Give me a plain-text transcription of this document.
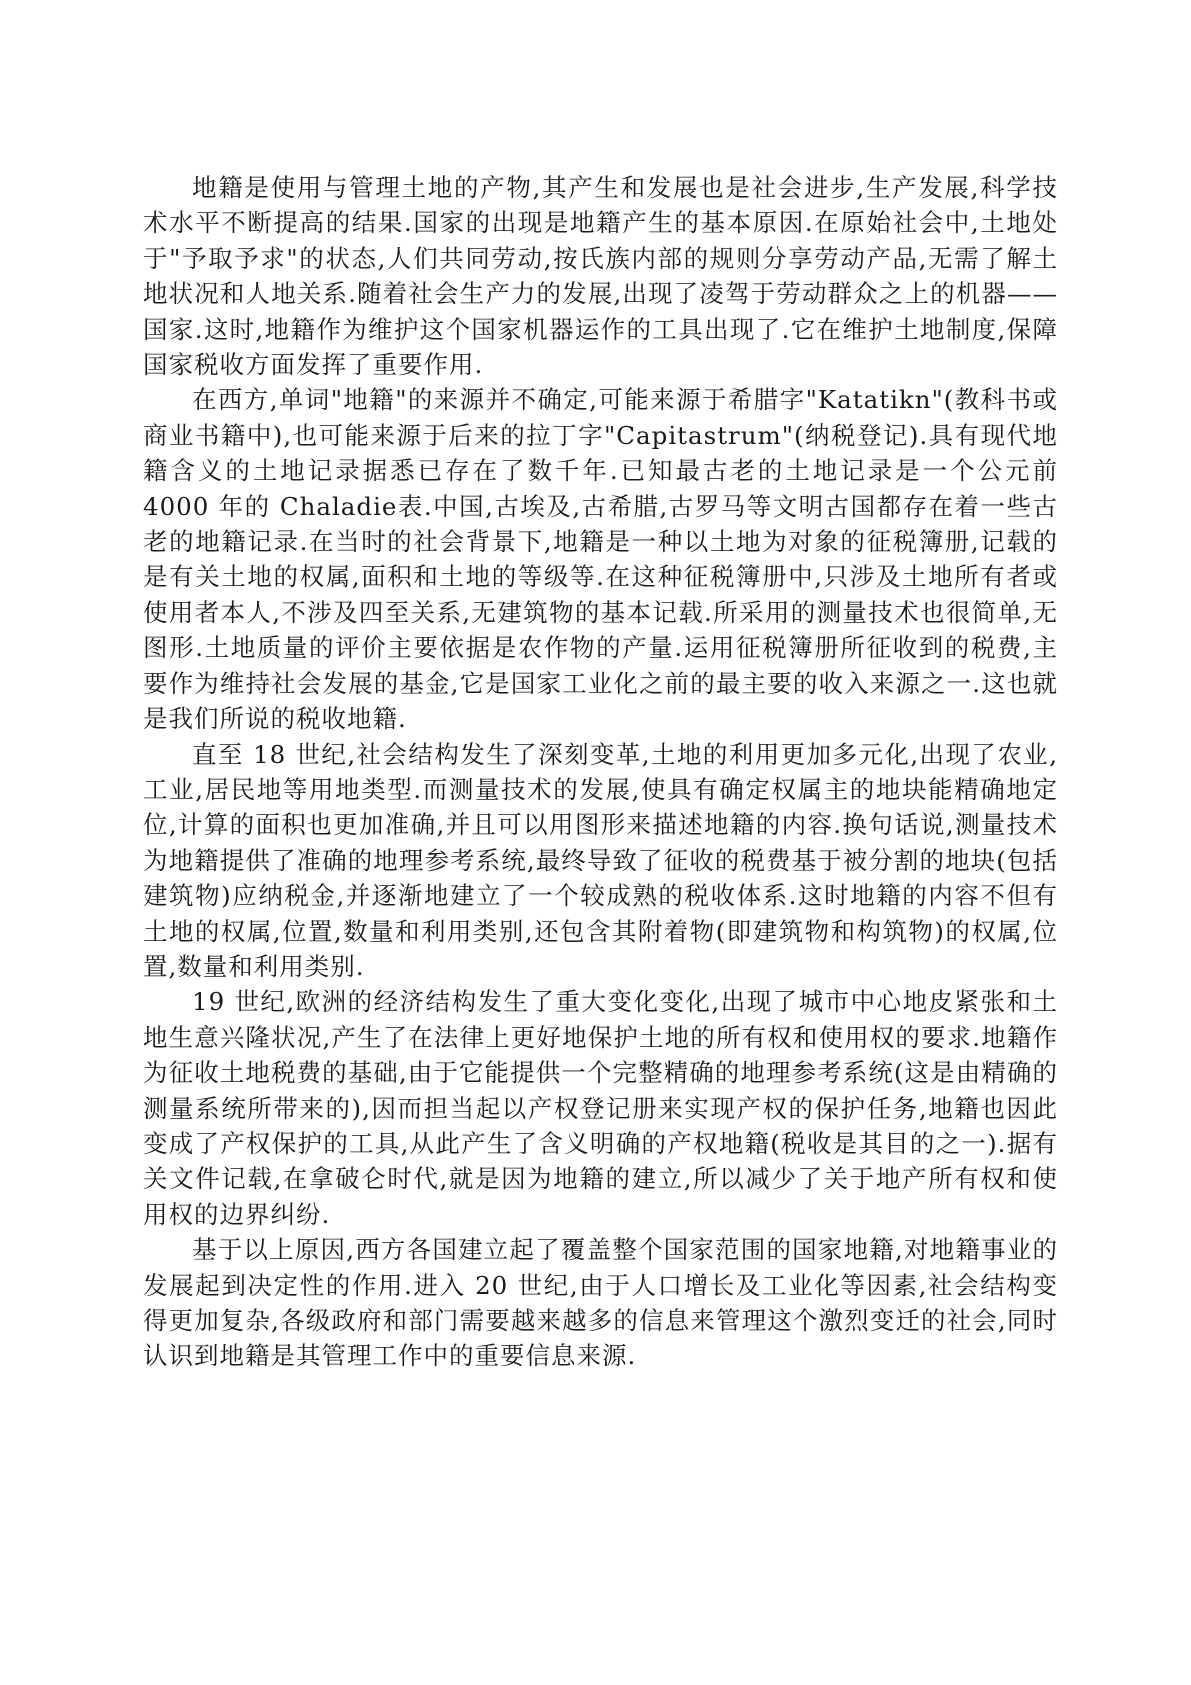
地籍是使用与管理土地的产物,其产生和发展也是社会进步,生产发展,科学技术水平不断提高的结果.国家的出现是地籍产生的基本原因.在原始社会中,土地处于"予取予求"的状态,人们共同劳动,按氏族内部的规则分享劳动产品,无需了解土地状况和人地关系.随着社会生产力的发展,出现了凌驾于劳动群众之上的机器——国家.这时,地籍作为维护这个国家机器运作的工具出现了.它在维护土地制度,保障国家税收方面发挥了重要作用.

在西方,单词"地籍"的来源并不确定,可能来源于希腊字"Katatikn"(教科书或商业书籍中),也可能来源于后来的拉丁字"Capitastrum"(纳税登记).具有现代地籍含义的土地记录据悉已存在了数千年.已知最古老的土地记录是一个公元前 4000 年的 Chaladie表.中国,古埃及,古希腊,古罗马等文明古国都存在着一些古老的地籍记录.在当时的社会背景下,地籍是一种以土地为对象的征税簿册,记载的是有关土地的权属,面积和土地的等级等.在这种征税簿册中,只涉及土地所有者或使用者本人,不涉及四至关系,无建筑物的基本记载.所采用的测量技术也很简单,无图形.土地质量的评价主要依据是农作物的产量.运用征税簿册所征收到的税费,主要作为维持社会发展的基金,它是国家工业化之前的最主要的收入来源之一.这也就是我们所说的税收地籍.

直至 18 世纪,社会结构发生了深刻变革,土地的利用更加多元化,出现了农业,工业,居民地等用地类型.而测量技术的发展,使具有确定权属主的地块能精确地定位,计算的面积也更加准确,并且可以用图形来描述地籍的内容.换句话说,测量技术为地籍提供了准确的地理参考系统,最终导致了征收的税费基于被分割的地块(包括建筑物)应纳税金,并逐渐地建立了一个较成熟的税收体系.这时地籍的内容不但有土地的权属,位置,数量和利用类别,还包含其附着物(即建筑物和构筑物)的权属,位置,数量和利用类别.

19 世纪,欧洲的经济结构发生了重大变化变化,出现了城市中心地皮紧张和土地生意兴隆状况,产生了在法律上更好地保护土地的所有权和使用权的要求.地籍作为征收土地税费的基础,由于它能提供一个完整精确的地理参考系统(这是由精确的测量系统所带来的),因而担当起以产权登记册来实现产权的保护任务,地籍也因此变成了产权保护的工具,从此产生了含义明确的产权地籍(税收是其目的之一).据有关文件记载,在拿破仑时代,就是因为地籍的建立,所以减少了关于地产所有权和使用权的边界纠纷.

基于以上原因,西方各国建立起了覆盖整个国家范围的国家地籍,对地籍事业的发展起到决定性的作用.进入 20 世纪,由于人口增长及工业化等因素,社会结构变得更加复杂,各级政府和部门需要越来越多的信息来管理这个激烈变迁的社会,同时认识到地籍是其管理工作中的重要信息来源.
